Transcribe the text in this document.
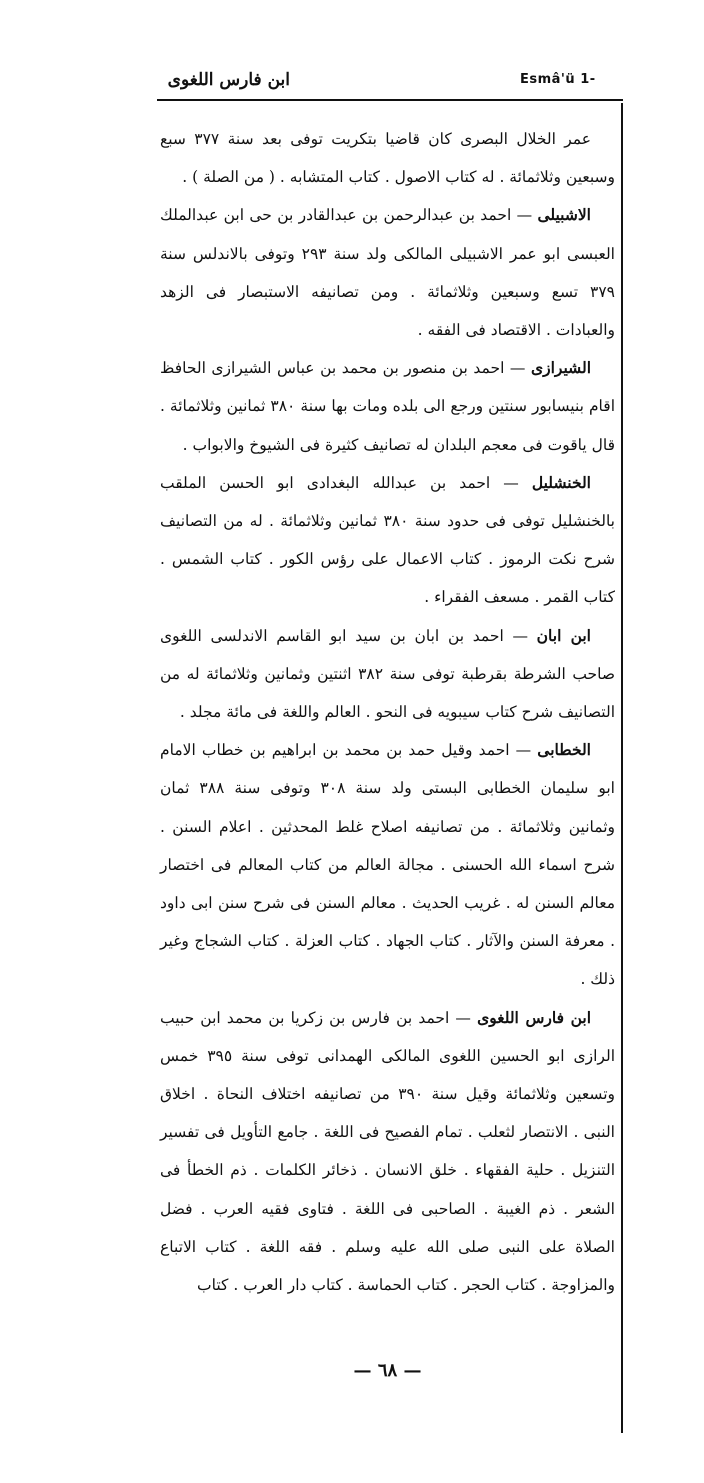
Esmâ'ü 1-
ابن فارس اللغوى

عمر الخلال البصرى كان قاضيا بتكريت توفى بعد سنة ٣٧٧ سبع وسبعين وثلاثمائة . له كتاب الاصول . كتاب المتشابه . ( من الصلة ) .

الاشبيلى — احمد بن عبدالرحمن بن عبدالقادر بن حى ابن عبدالملك العبسى ابو عمر الاشبيلى المالكى ولد سنة ٢٩٣ وتوفى بالاندلس سنة ٣٧٩ تسع وسبعين وثلاثمائة . ومن تصانيفه الاستبصار فى الزهد والعبادات . الاقتصاد فى الفقه .

الشيرازى — احمد بن منصور بن محمد بن عباس الشيرازى الحافظ اقام بنيسابور سنتين ورجع الى بلده ومات بها سنة ٣٨٠ ثمانين وثلاثمائة . قال ياقوت فى معجم البلدان له تصانيف كثيرة فى الشيوخ والابواب .

الخنشليل — احمد بن عبدالله البغدادى ابو الحسن الملقب بالخنشليل توفى فى حدود سنة ٣٨٠ ثمانين وثلاثمائة . له من التصانيف شرح نكت الرموز . كتاب الاعمال على رؤس الكور . كتاب الشمس . كتاب القمر . مسعف الفقراء .

ابن ابان — احمد بن ابان بن سيد ابو القاسم الاندلسى اللغوى صاحب الشرطة بقرطبة توفى سنة ٣٨٢ اثنتين وثمانين وثلاثمائة له من التصانيف شرح كتاب سيبويه فى النحو . العالم واللغة فى مائة مجلد .

الخطابى — احمد وقيل حمد بن محمد بن ابراهيم بن خطاب الامام ابو سليمان الخطابى البستى ولد سنة ٣٠٨ وتوفى سنة ٣٨٨ ثمان وثمانين وثلاثمائة . من تصانيفه اصلاح غلط المحدثين . اعلام السنن . شرح اسماء الله الحسنى . مجالة العالم من كتاب المعالم فى اختصار معالم السنن له . غريب الحديث . معالم السنن فى شرح سنن ابى داود . معرفة السنن والآثار . كتاب الجهاد . كتاب العزلة . كتاب الشجاج وغير ذلك .

ابن فارس اللغوى — احمد بن فارس بن زكريا بن محمد ابن حبيب الرازى ابو الحسين اللغوى المالكى الهمدانى توفى سنة ٣٩٥ خمس وتسعين وثلاثمائة وقيل سنة ٣٩٠ من تصانيفه اختلاف النحاة . اخلاق النبى . الانتصار لثعلب . تمام الفصيح فى اللغة . جامع التأويل فى تفسير التنزيل . حلية الفقهاء . خلق الانسان . ذخائر الكلمات . ذم الخطأ فى الشعر . ذم الغيبة . الصاحبى فى اللغة . فتاوى فقيه العرب . فضل الصلاة على النبى صلى الله عليه وسلم . فقه اللغة . كتاب الاتباع والمزاوجة . كتاب الحجر . كتاب الحماسة . كتاب دار العرب . كتاب

— ٦٨ —
